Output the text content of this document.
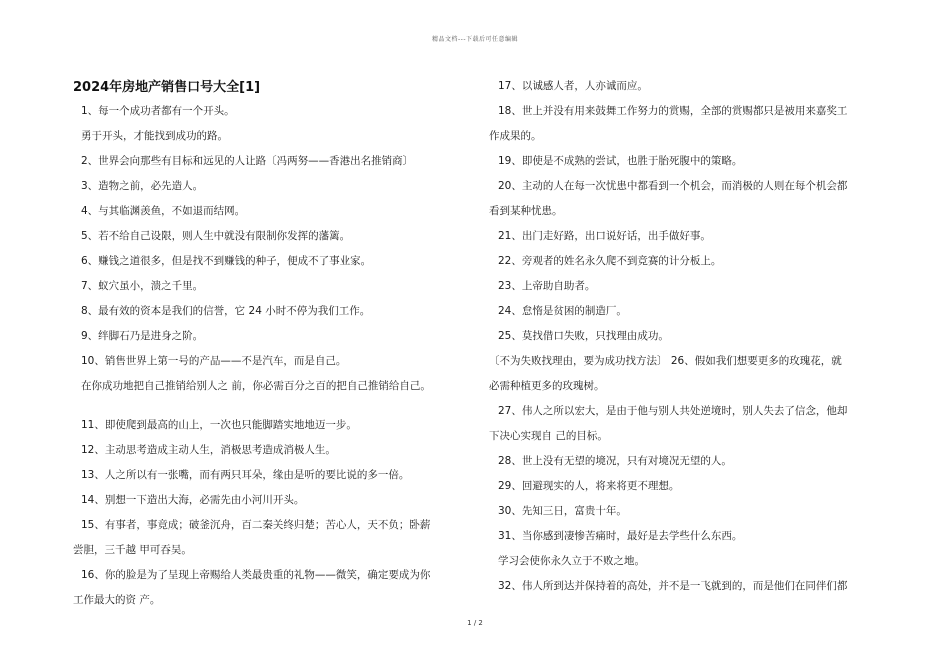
精品文档---下载后可任意编辑
2024年房地产销售口号大全[1]
1、每一个成功者都有一个开头。
勇于开头，才能找到成功的路。
2、世界会向那些有目标和远见的人让路〔冯两努——香港出名推销商〕
3、造物之前，必先造人。
4、与其临渊羡鱼，不如退而结网。
5、若不给自己设限，则人生中就没有限制你发挥的藩篱。
6、赚钱之道很多，但是找不到赚钱的种子，便成不了事业家。
7、蚁穴虽小，溃之千里。
8、最有效的资本是我们的信誉，它 24 小时不停为我们工作。
9、绊脚石乃是进身之阶。
10、销售世界上第一号的产品——不是汽车，而是自己。
在你成功地把自己推销给别人之 前，你必需百分之百的把自己推销给自己。
11、即使爬到最高的山上，一次也只能脚踏实地地迈一步。
12、主动思考造成主动人生，消极思考造成消极人生。
13、人之所以有一张嘴，而有两只耳朵，缘由是听的要比说的多一倍。
14、别想一下造出大海，必需先由小河川开头。
15、有事者，事竟成；破釜沉舟，百二秦关终归楚；苦心人，天不负；卧薪
尝胆，三千越 甲可吞吴。
16、你的脸是为了呈现上帝赐给人类最贵重的礼物——微笑，确定要成为你
工作最大的资 产。
17、以诚感人者，人亦诚而应。
18、世上并没有用来鼓舞工作努力的赏赐，全部的赏赐都只是被用来嘉奖工
作成果的。
19、即使是不成熟的尝试，也胜于胎死腹中的策略。
20、主动的人在每一次忧患中都看到一个机会，而消极的人则在每个机会都
看到某种忧患。
21、出门走好路，出口说好话，出手做好事。
22、旁观者的姓名永久爬不到竞赛的计分板上。
23、上帝助自助者。
24、怠惰是贫困的制造厂。
25、莫找借口失败，只找理由成功。
〔不为失败找理由，要为成功找方法〕 26、假如我们想要更多的玫瑰花，就
必需种植更多的玫瑰树。
27、伟人之所以宏大，是由于他与别人共处逆境时，别人失去了信念，他却
下决心实现自 己的目标。
28、世上没有无望的境况，只有对境况无望的人。
29、回避现实的人，将来将更不理想。
30、先知三日，富贵十年。
31、当你感到凄惨苦痛时，最好是去学些什么东西。
学习会使你永久立于不败之地。
32、伟人所到达并保持着的高处，并不是一飞就到的，而是他们在同伴们都
1 / 2
